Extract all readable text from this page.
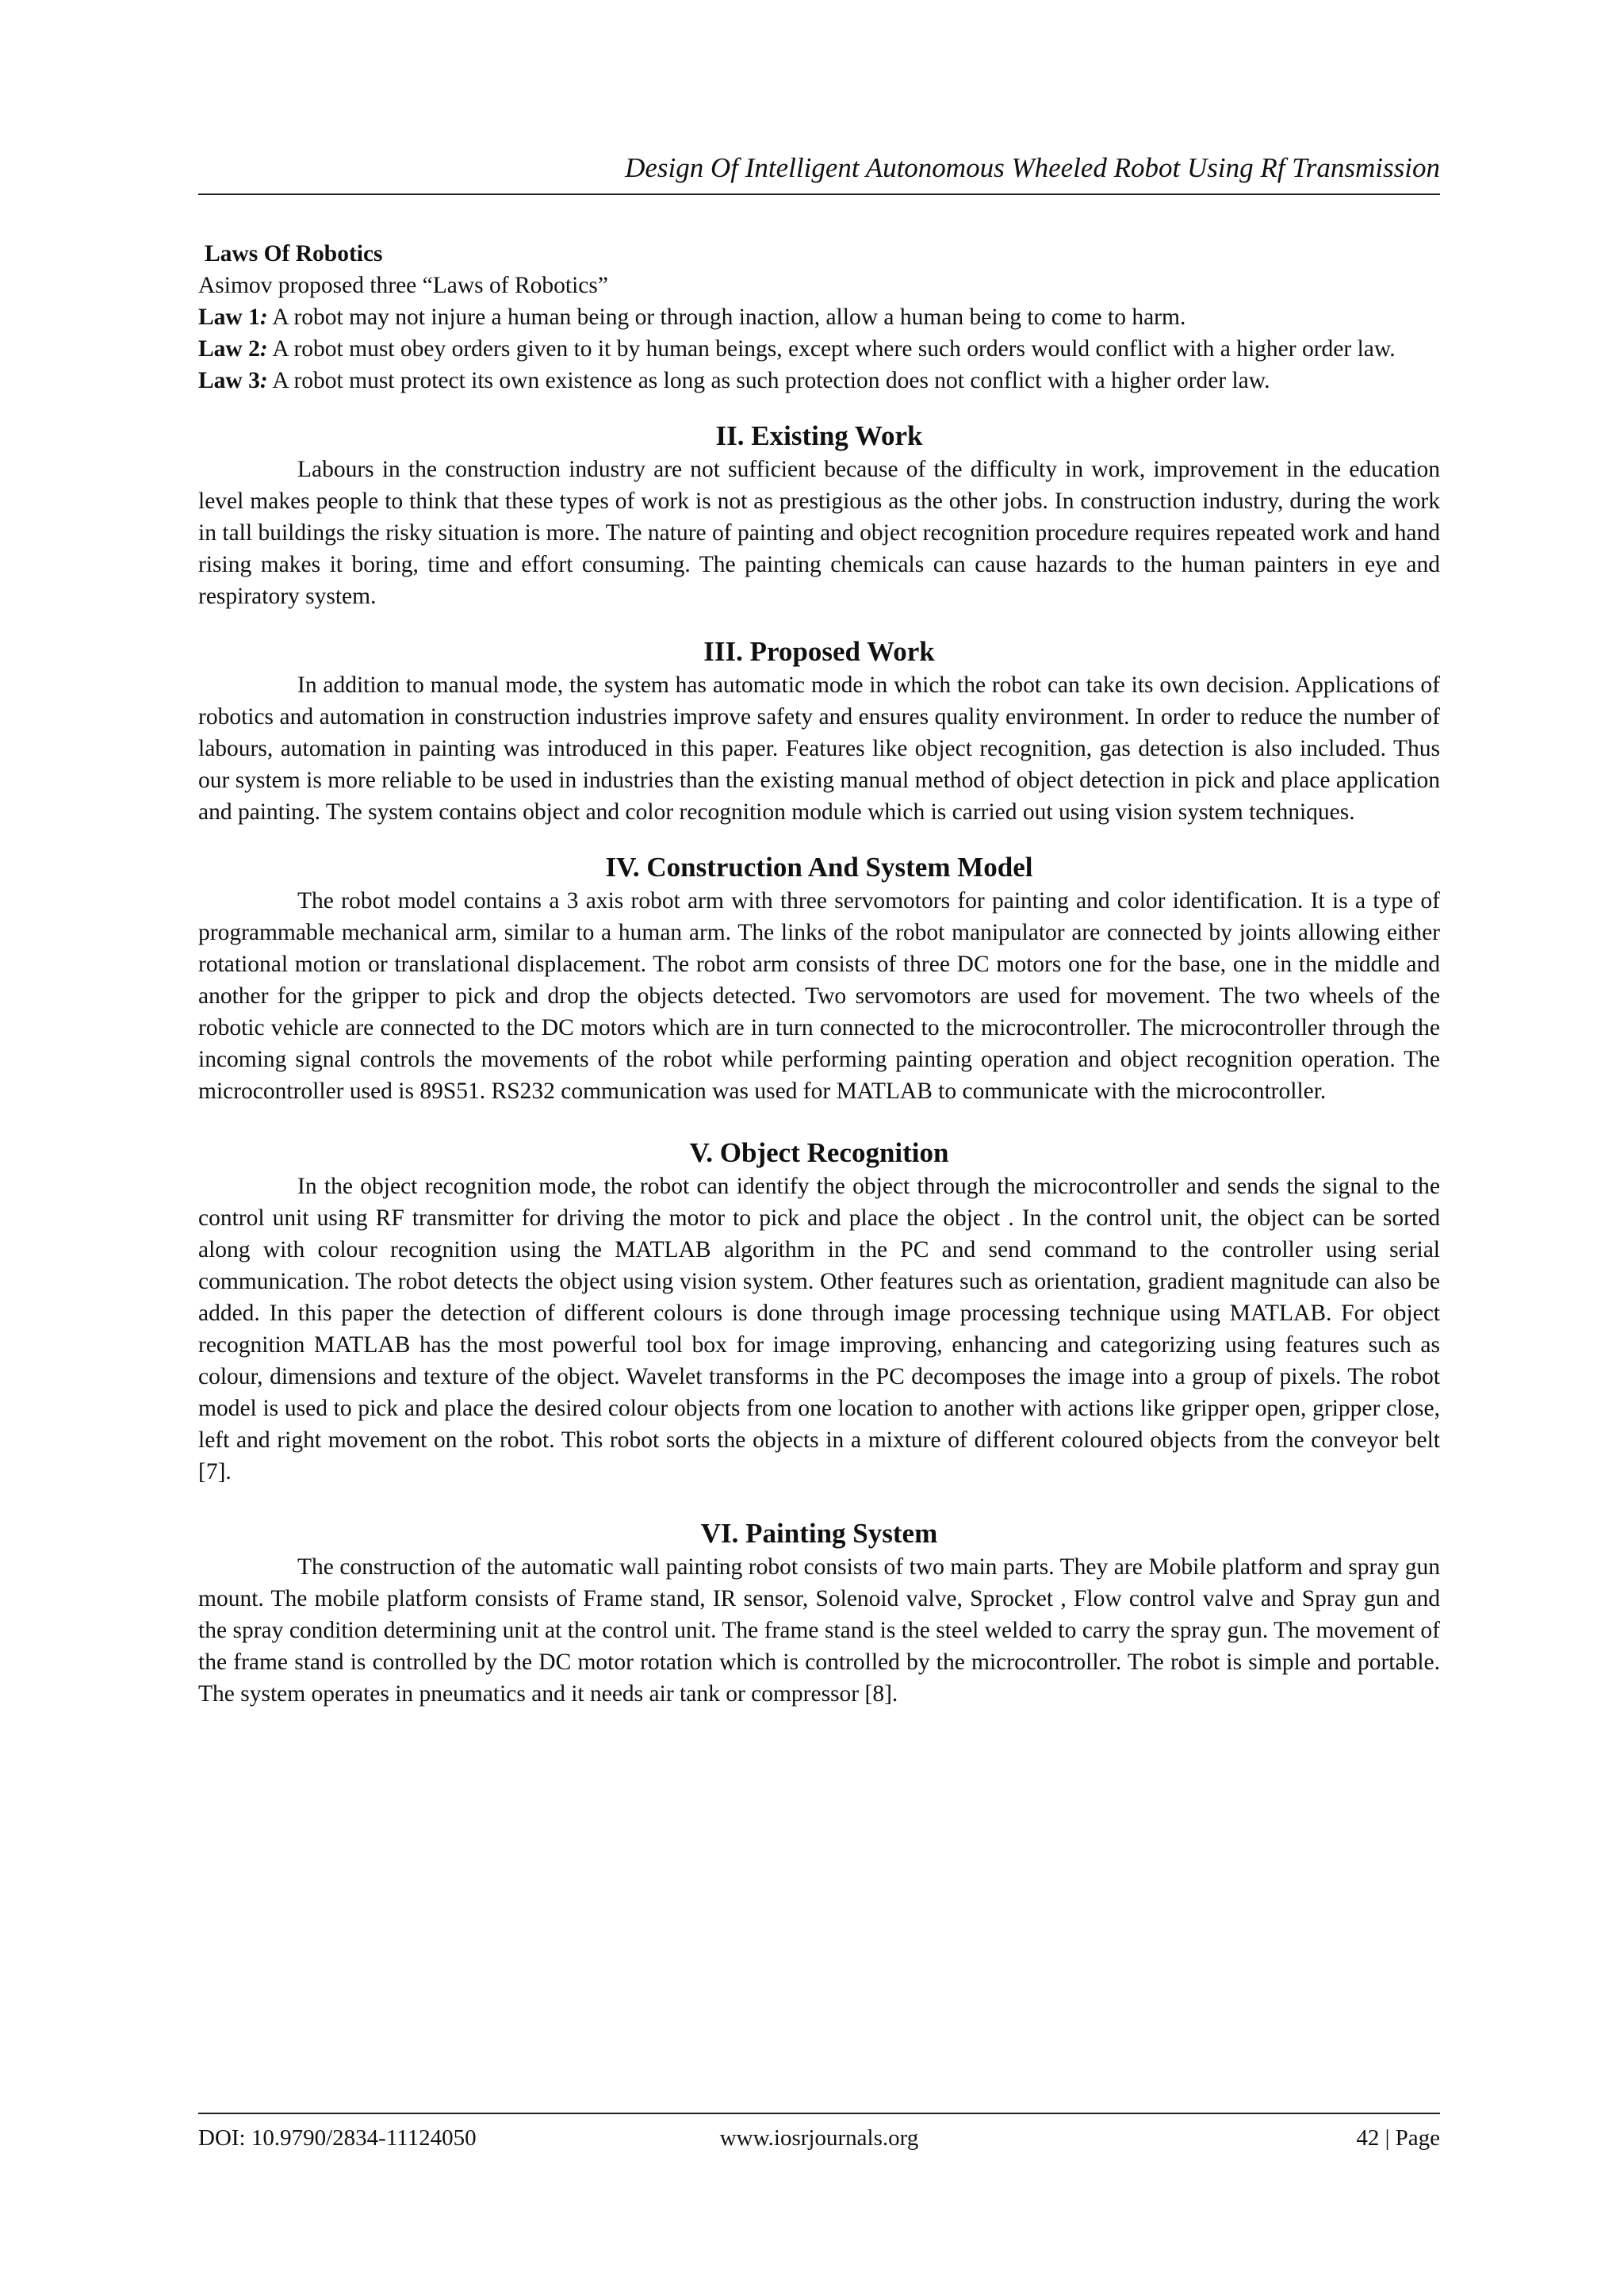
Design Of Intelligent Autonomous Wheeled Robot Using Rf Transmission

Laws Of Robotics

Asimov proposed three “Laws of Robotics”

Law 1: A robot may not injure a human being or through inaction, allow a human being to come to harm.

Law 2: A robot must obey orders given to it by human beings, except where such orders would conflict with a higher order law.

Law 3: A robot must protect its own existence as long as such protection does not conflict with a higher order law.

II. Existing Work

Labours in the construction industry are not sufficient because of the difficulty in work, improvement in the education level makes people to think that these types of work is not as prestigious as the other jobs. In construction industry, during the work in tall buildings the risky situation is more. The nature of painting and object recognition procedure requires repeated work and hand rising makes it boring, time and effort consuming. The painting chemicals can cause hazards to the human painters in eye and respiratory system.

III. Proposed Work

In addition to manual mode, the system has automatic mode in which the robot can take its own decision. Applications of robotics and automation in construction industries improve safety and ensures quality environment. In order to reduce the number of labours, automation in painting was introduced in this paper. Features like object recognition, gas detection is also included. Thus our system is more reliable to be used in industries than the existing manual method of object detection in pick and place application and painting. The system contains object and color recognition module which is carried out using vision system techniques.

IV. Construction And System Model

The robot model contains a 3 axis robot arm with three servomotors for painting and color identification. It is a type of programmable mechanical arm, similar to a human arm. The links of the robot manipulator are connected by joints allowing either rotational motion or translational displacement. The robot arm consists of three DC motors one for the base, one in the middle and another for the gripper to pick and drop the objects detected. Two servomotors are used for movement. The two wheels of the robotic vehicle are connected to the DC motors which are in turn connected to the microcontroller. The microcontroller through the incoming signal controls the movements of the robot while performing painting operation and object recognition operation. The microcontroller used is 89S51. RS232 communication was used for MATLAB to communicate with the microcontroller.

V. Object Recognition

In the object recognition mode, the robot can identify the object through the microcontroller and sends the signal to the control unit using RF transmitter for driving the motor to pick and place the object . In the control unit, the object can be sorted along with colour recognition using the MATLAB algorithm in the PC and send command to the controller using serial communication. The robot detects the object using vision system. Other features such as orientation, gradient magnitude can also be added. In this paper the detection of different colours is done through image processing technique using MATLAB. For object recognition MATLAB has the most powerful tool box for image improving, enhancing and categorizing using features such as colour, dimensions and texture of the object. Wavelet transforms in the PC decomposes the image into a group of pixels. The robot model is used to pick and place the desired colour objects from one location to another with actions like gripper open, gripper close, left and right movement on the robot. This robot sorts the objects in a mixture of different coloured objects from the conveyor belt [7].

VI. Painting System

The construction of the automatic wall painting robot consists of two main parts. They are Mobile platform and spray gun mount. The mobile platform consists of Frame stand, IR sensor, Solenoid valve, Sprocket , Flow control valve and Spray gun and the spray condition determining unit at the control unit. The frame stand is the steel welded to carry the spray gun. The movement of the frame stand is controlled by the DC motor rotation which is controlled by the microcontroller. The robot is simple and portable. The system operates in pneumatics and it needs air tank or compressor [8].

DOI: 10.9790/2834-11124050	www.iosrjournals.org	42 | Page
